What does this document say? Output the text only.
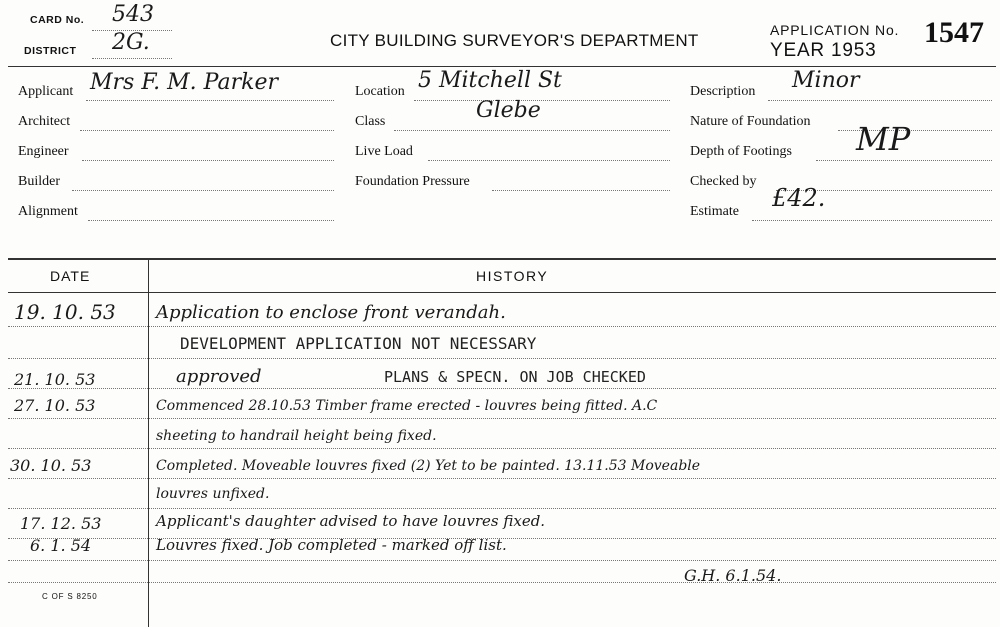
CARD No. 543
DISTRICT 2G.	CITY BUILDING SURVEYOR'S DEPARTMENT
APPLICATION No. 1547
YEAR 1953
Applicant Mrs F. M. Parker
Architect
Engineer
Builder
Alignment
Location 5 Mitchell St
Class	Glebe
Live Load
Foundation Pressure
Description Minor
Nature of Foundation
Depth of Footings MP
Checked by
Estimate £42.
DATE	HISTORY
19. 10. 53 Application to enclose front verandah.
DEVELOPMENT APPLICATION NOT NECESSARY
21. 10. 53	approved	PLANS & SPECN. ON JOB CHECKED
27. 10. 53	Commenced 28.10.53 Timber frame erected - louvres being fitted. A.C
sheeting to handrail height being fixed.
30. 10. 53	Completed. Moveable louvres fixed (2) Yet to be painted. 13.11.53 Moveable
louvres unfixed.
17. 12. 53	Applicant's daughter advised to have louvres fixed.
6. 1. 54	Louvres fixed. Job completed - marked off list.
G.H. 6.1.54.
C OF S 8250
